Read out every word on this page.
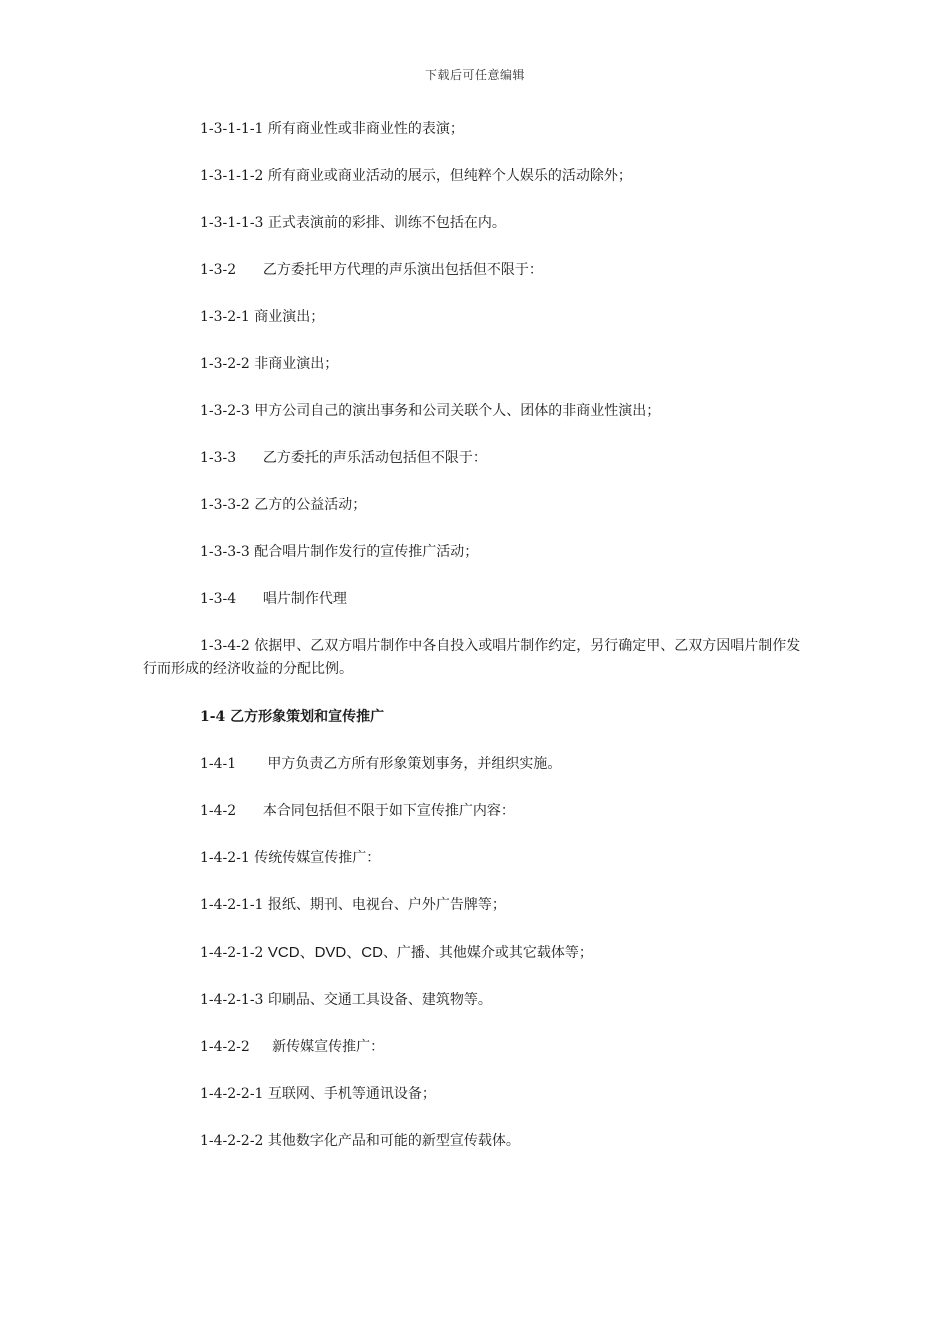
下载后可任意编辑

1-3-1-1-1 所有商业性或非商业性的表演；

1-3-1-1-2 所有商业或商业活动的展示，但纯粹个人娱乐的活动除外；

1-3-1-1-3 正式表演前的彩排、训练不包括在内。

1-3-2      乙方委托甲方代理的声乐演出包括但不限于：

1-3-2-1 商业演出；

1-3-2-2 非商业演出；

1-3-2-3 甲方公司自己的演出事务和公司关联个人、团体的非商业性演出；

1-3-3      乙方委托的声乐活动包括但不限于：

1-3-3-2 乙方的公益活动；

1-3-3-3 配合唱片制作发行的宣传推广活动；

1-3-4      唱片制作代理

1-3-4-2 依据甲、乙双方唱片制作中各自投入或唱片制作约定，另行确定甲、乙双方因唱片制作发行而形成的经济收益的分配比例。

1-4 乙方形象策划和宣传推广

1-4-1       甲方负责乙方所有形象策划事务，并组织实施。

1-4-2      本合同包括但不限于如下宣传推广内容：

1-4-2-1 传统传媒宣传推广：

1-4-2-1-1 报纸、期刊、电视台、户外广告牌等；

1-4-2-1-2 VCD、DVD、CD、广播、其他媒介或其它载体等；

1-4-2-1-3 印刷品、交通工具设备、建筑物等。

1-4-2-2     新传媒宣传推广：

1-4-2-2-1 互联网、手机等通讯设备；

1-4-2-2-2 其他数字化产品和可能的新型宣传载体。
